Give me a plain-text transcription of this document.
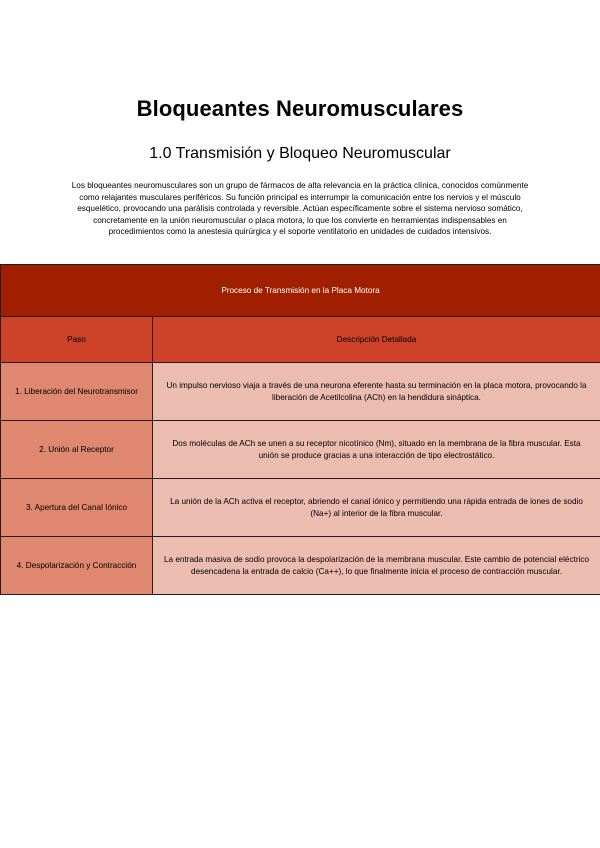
Bloqueantes Neuromusculares
1.0 Transmisión y Bloqueo Neuromuscular

Los bloqueantes neuromusculares son un grupo de fármacos de alta relevancia en la práctica clínica, conocidos comúnmente como relajantes musculares periféricos. Su función principal es interrumpir la comunicación entre los nervios y el músculo esquelético, provocando una parálisis controlada y reversible. Actúan específicamente sobre el sistema nervioso somático, concretamente en la unión neuromuscular o placa motora, lo que los convierte en herramientas indispensables en procedimientos como la anestesia quirúrgica y el soporte ventilatorio en unidades de cuidados intensivos.

Proceso de Transmisión en la Placa Motora	
Paso	Descripción Detallada
1. Liberación del Neurotransmisor	Un impulso nervioso viaja a través de una neurona eferente hasta su terminación en la placa motora, provocando la liberación de Acetilcolina (ACh) en la hendidura sináptica.
2. Unión al Receptor	Dos moléculas de ACh se unen a su receptor nicotínico (Nm), situado en la membrana de la fibra muscular. Esta unión se produce gracias a una interacción de tipo electrostático.
3. Apertura del Canal Iónico	La unión de la ACh activa el receptor, abriendo el canal iónico y permitiendo una rápida entrada de iones de sodio (Na+) al interior de la fibra muscular.
4. Despolarización y Contracción	La entrada masiva de sodio provoca la despolarización de la membrana muscular. Este cambio de potencial eléctrico desencadena la entrada de calcio (Ca++), lo que finalmente inicia el proceso de contracción muscular.
